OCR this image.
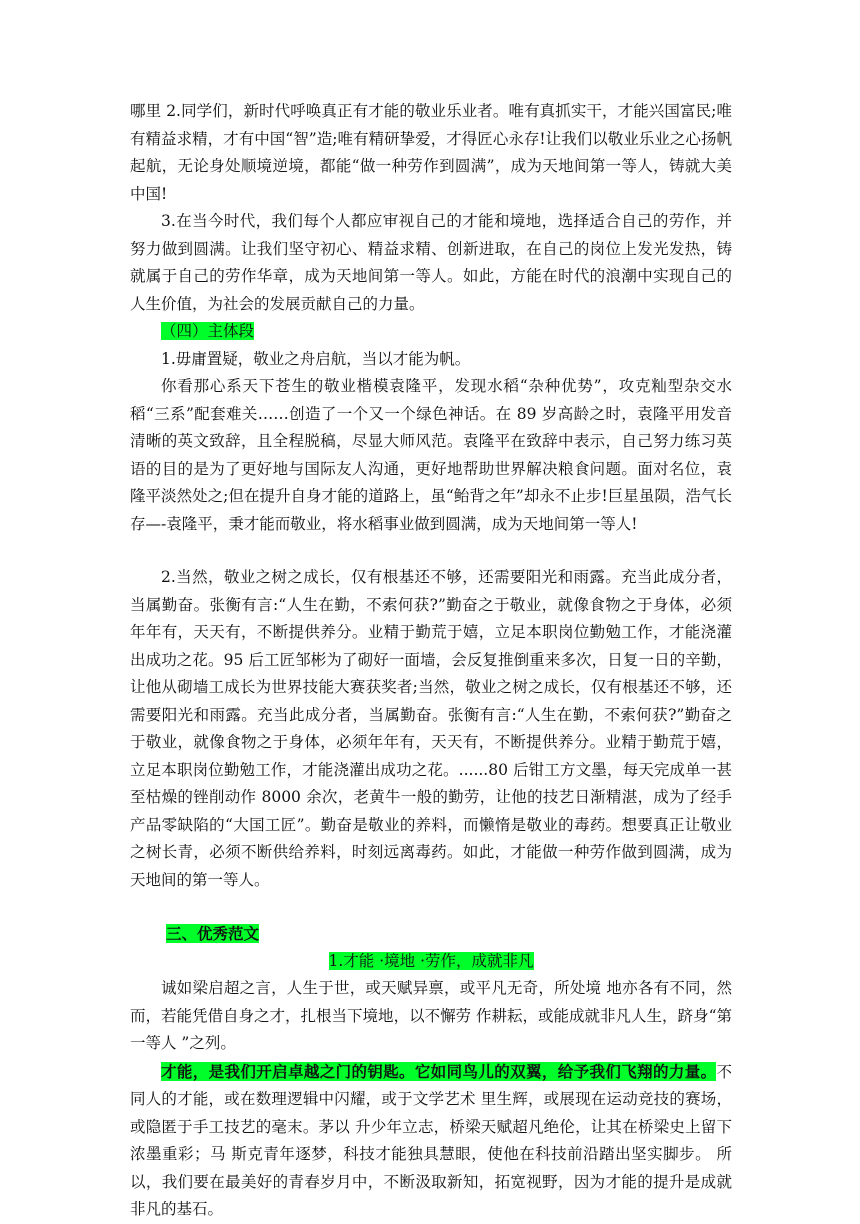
哪里 2.同学们，新时代呼唤真正有才能的敬业乐业者。唯有真抓实干，才能兴国富民;唯有精益求精，才有中国“智”造;唯有精研挚爱，才得匠心永存!让我们以敬业乐业之心扬帆起航，无论身处顺境逆境，都能“做一种劳作到圆满”，成为天地间第一等人，铸就大美中国!

3.在当今时代，我们每个人都应审视自己的才能和境地，选择适合自己的劳作，并努力做到圆满。让我们坚守初心、精益求精、创新进取，在自己的岗位上发光发热，铸就属于自己的劳作华章，成为天地间第一等人。如此，方能在时代的浪潮中实现自己的人生价值，为社会的发展贡献自己的力量。

（四）主体段

1.毋庸置疑，敬业之舟启航，当以才能为帆。

你看那心系天下苍生的敬业楷模袁隆平，发现水稻“杂种优势”，攻克籼型杂交水稻“三系”配套难关……创造了一个又一个绿色神话。在 89 岁高龄之时，袁隆平用发音清晰的英文致辞，且全程脱稿，尽显大师风范。袁隆平在致辞中表示，自己努力练习英语的目的是为了更好地与国际友人沟通，更好地帮助世界解决粮食问题。面对名位，袁隆平淡然处之;但在提升自身才能的道路上，虽“鲐背之年”却永不止步!巨星虽陨，浩气长存—-袁隆平，秉才能而敬业，将水稻事业做到圆满，成为天地间第一等人!

2.当然，敬业之树之成长，仅有根基还不够，还需要阳光和雨露。充当此成分者，当属勤奋。张衡有言:“人生在勤，不索何获?”勤奋之于敬业，就像食物之于身体，必须年年有，天天有，不断提供养分。业精于勤荒于嬉，立足本职岗位勤勉工作，才能浇灌出成功之花。95 后工匠邹彬为了砌好一面墙，会反复推倒重来多次，日复一日的辛勤，让他从砌墙工成长为世界技能大赛获奖者;当然，敬业之树之成长，仅有根基还不够，还需要阳光和雨露。充当此成分者，当属勤奋。张衡有言:“人生在勤，不索何获?”勤奋之于敬业，就像食物之于身体，必须年年有，天天有，不断提供养分。业精于勤荒于嬉，立足本职岗位勤勉工作，才能浇灌出成功之花。......80 后钳工方文墨，每天完成单一甚至枯燥的锉削动作 8000 余次，老黄牛一般的勤劳，让他的技艺日渐精湛，成为了经手产品零缺陷的“大国工匠”。勤奋是敬业的养料，而懒惰是敬业的毒药。想要真正让敬业之树长青，必须不断供给养料，时刻远离毒药。如此，才能做一种劳作做到圆满，成为天地间的第一等人。

三、优秀范文

1.才能 ·境地 ·劳作，成就非凡

诚如梁启超之言，人生于世，或天赋异禀，或平凡无奇，所处境 地亦各有不同，然而，若能凭借自身之才，扎根当下境地，以不懈劳 作耕耘，或能成就非凡人生，跻身“第一等人 ”之列。

才能，是我们开启卓越之门的钥匙。它如同鸟儿的双翼，给予我们飞翔的力量。不同人的才能，或在数理逻辑中闪耀，或于文学艺术 里生辉，或展现在运动竞技的赛场，或隐匿于手工技艺的毫末。茅以 升少年立志，桥梁天赋超凡绝伦，让其在桥梁史上留下浓墨重彩；马 斯克青年逐梦，科技才能独具慧眼，使他在科技前沿踏出坚实脚步。 所以，我们要在最美好的青春岁月中，不断汲取新知，拓宽视野，因为才能的提升是成就非凡的基石。
